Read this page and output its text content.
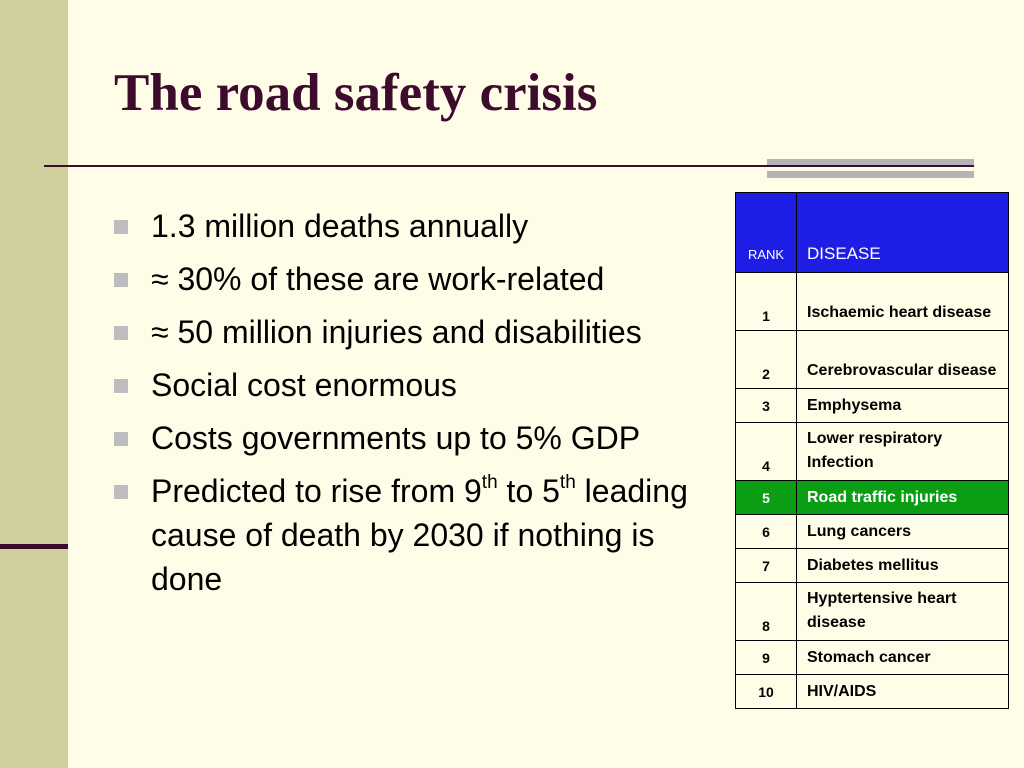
The road safety crisis
1.3 million deaths annually
≈ 30% of these are work-related
≈ 50 million injuries and disabilities
Social cost enormous
Costs governments up to 5% GDP
Predicted to rise from 9th to 5th leading cause of death by 2030 if nothing is done
RANK	DISEASE
1	Ischaemic heart disease
2	Cerebrovascular disease
3	Emphysema
4	Lower respiratory Infection
5	Road traffic injuries
6	Lung cancers
7	Diabetes mellitus
8	Hyptertensive heart disease
9	Stomach cancer
10	HIV/AIDS
